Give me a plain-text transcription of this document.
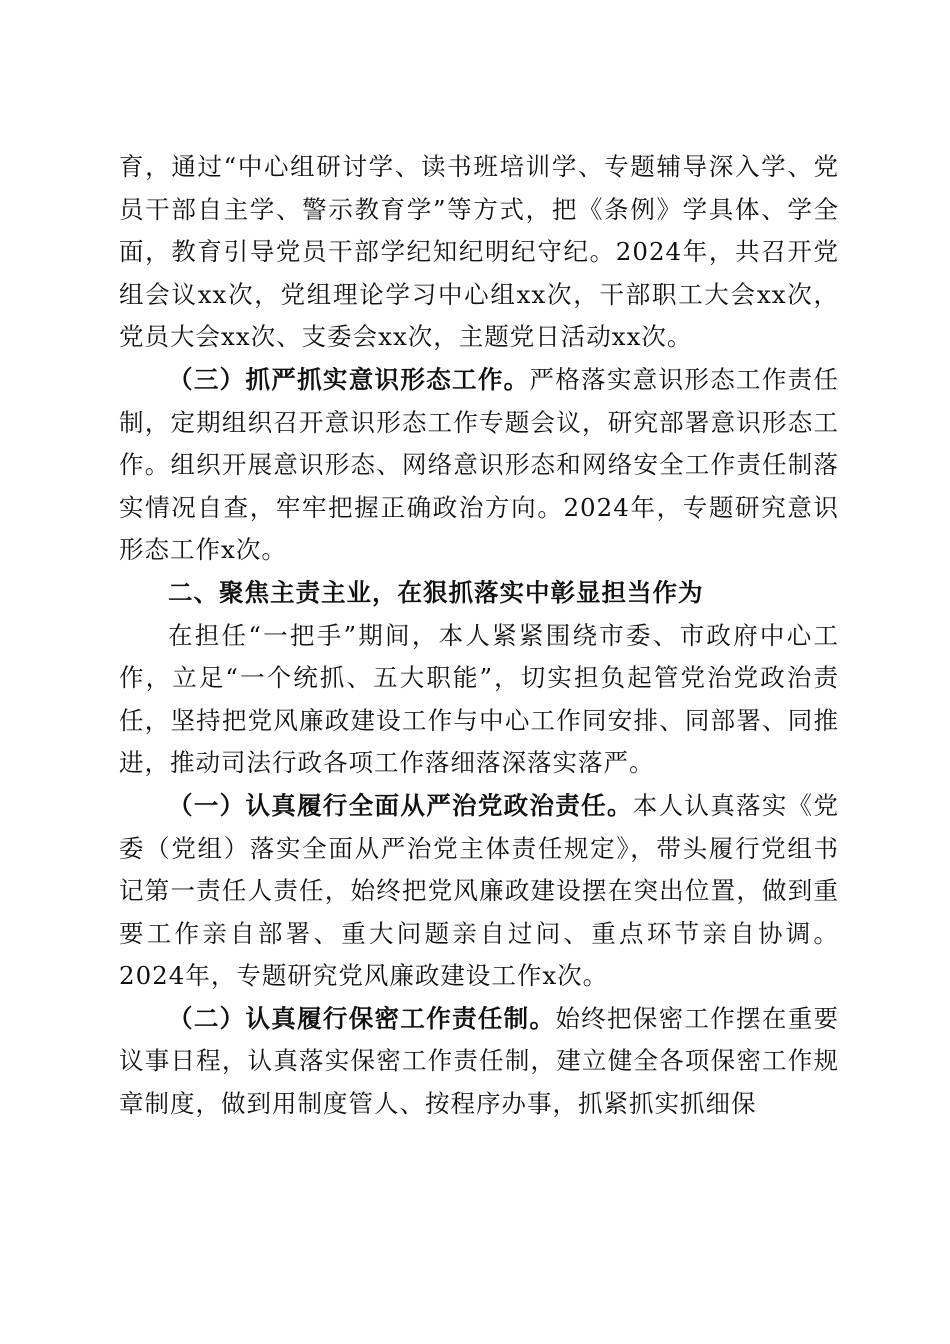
育，通过“中心组研讨学、读书班培训学、专题辅导深入学、党员干部自主学、警示教育学”等方式，把《条例》学具体、学全面，教育引导党员干部学纪知纪明纪守纪。2024年，共召开党组会议xx次，党组理论学习中心组xx次，干部职工大会xx次，党员大会xx次、支委会xx次，主题党日活动xx次。

（三）抓严抓实意识形态工作。严格落实意识形态工作责任制，定期组织召开意识形态工作专题会议，研究部署意识形态工作。组织开展意识形态、网络意识形态和网络安全工作责任制落实情况自查，牢牢把握正确政治方向。2024年，专题研究意识形态工作x次。

二、聚焦主责主业，在狠抓落实中彰显担当作为

在担任“一把手”期间，本人紧紧围绕市委、市政府中心工作，立足“一个统抓、五大职能”，切实担负起管党治党政治责任，坚持把党风廉政建设工作与中心工作同安排、同部署、同推进，推动司法行政各项工作落细落深落实落严。

（一）认真履行全面从严治党政治责任。本人认真落实《党委（党组）落实全面从严治党主体责任规定》，带头履行党组书记第一责任人责任，始终把党风廉政建设摆在突出位置，做到重要工作亲自部署、重大问题亲自过问、重点环节亲自协调。2024年，专题研究党风廉政建设工作x次。

（二）认真履行保密工作责任制。始终把保密工作摆在重要议事日程，认真落实保密工作责任制，建立健全各项保密工作规章制度，做到用制度管人、按程序办事，抓紧抓实抓细保
